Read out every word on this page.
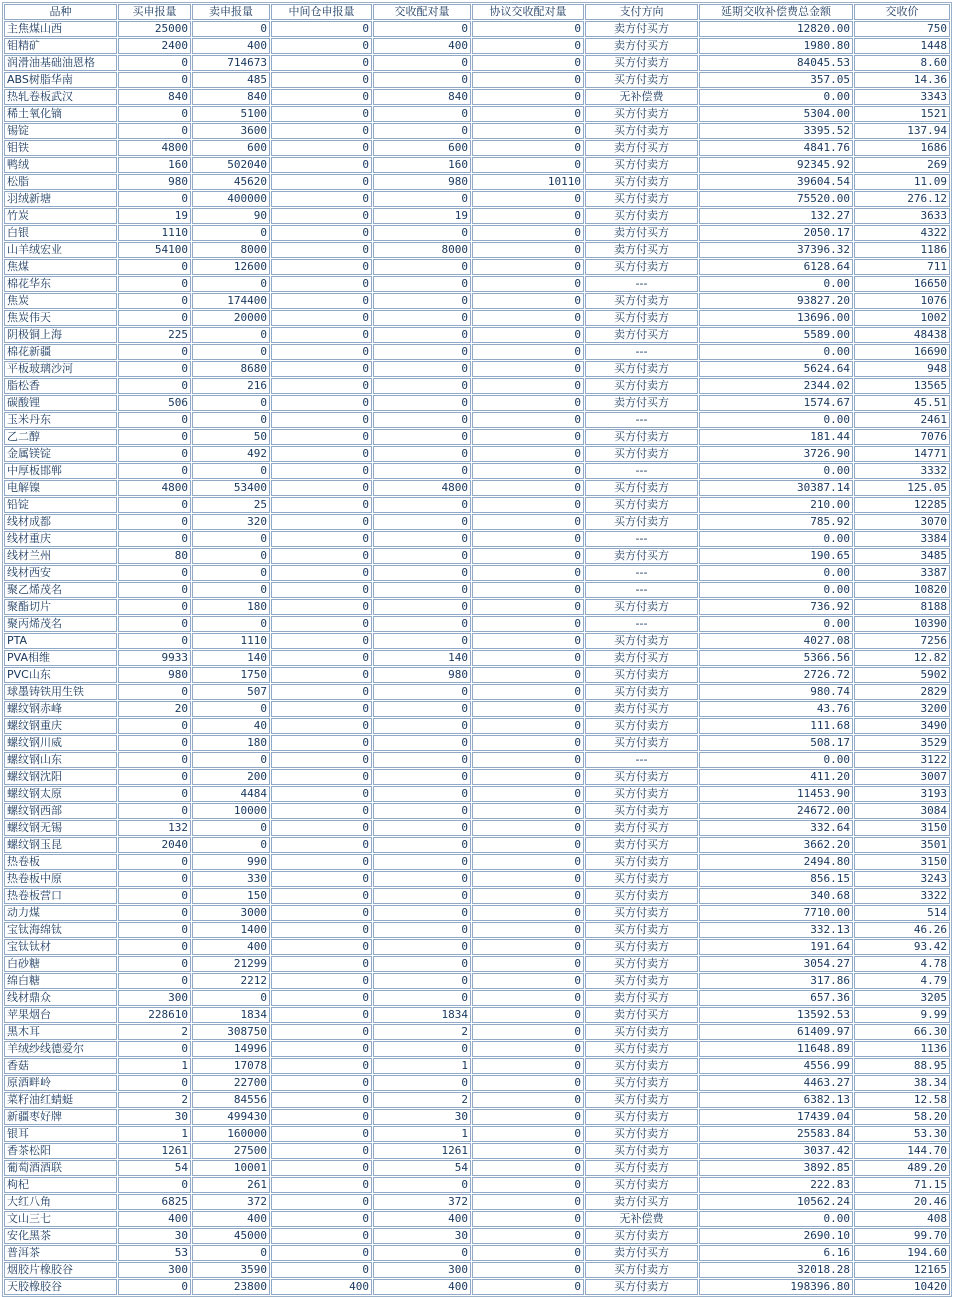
品种	买申报量	卖申报量	中间仓申报量	交收配对量	协议交收配对量	支付方向	延期交收补偿费总金额	交收价
主焦煤山西	25000	0	0	0	0	卖方付买方	12820.00	750
钼精矿	2400	400	0	400	0	卖方付买方	1980.80	1448
润滑油基础油恩格	0	714673	0	0	0	买方付卖方	84045.53	8.60
ABS树脂华南	0	485	0	0	0	买方付卖方	357.05	14.36
热轧卷板武汉	840	840	0	840	0	无补偿费	0.00	3343
稀土氧化镝	0	5100	0	0	0	买方付卖方	5304.00	1521
锡锭	0	3600	0	0	0	买方付卖方	3395.52	137.94
钼铁	4800	600	0	600	0	卖方付买方	4841.76	1686
鸭绒	160	502040	0	160	0	买方付卖方	92345.92	269
松脂	980	45620	0	980	10110	买方付卖方	39604.54	11.09
羽绒新塘	0	400000	0	0	0	买方付卖方	75520.00	276.12
竹炭	19	90	0	19	0	买方付卖方	132.27	3633
白银	1110	0	0	0	0	卖方付买方	2050.17	4322
山羊绒宏业	54100	8000	0	8000	0	卖方付买方	37396.32	1186
焦煤	0	12600	0	0	0	买方付卖方	6128.64	711
棉花华东	0	0	0	0	0	---	0.00	16650
焦炭	0	174400	0	0	0	买方付卖方	93827.20	1076
焦炭伟天	0	20000	0	0	0	买方付卖方	13696.00	1002
阴极铜上海	225	0	0	0	0	卖方付买方	5589.00	48438
棉花新疆	0	0	0	0	0	---	0.00	16690
平板玻璃沙河	0	8680	0	0	0	买方付卖方	5624.64	948
脂松香	0	216	0	0	0	买方付卖方	2344.02	13565
碳酸锂	506	0	0	0	0	卖方付买方	1574.67	45.51
玉米丹东	0	0	0	0	0	---	0.00	2461
乙二醇	0	50	0	0	0	买方付卖方	181.44	7076
金属镁锭	0	492	0	0	0	买方付卖方	3726.90	14771
中厚板邯郸	0	0	0	0	0	---	0.00	3332
电解镍	4800	53400	0	4800	0	买方付卖方	30387.14	125.05
铅锭	0	25	0	0	0	买方付卖方	210.00	12285
线材成都	0	320	0	0	0	买方付卖方	785.92	3070
线材重庆	0	0	0	0	0	---	0.00	3384
线材兰州	80	0	0	0	0	卖方付买方	190.65	3485
线材西安	0	0	0	0	0	---	0.00	3387
聚乙烯茂名	0	0	0	0	0	---	0.00	10820
聚酯切片	0	180	0	0	0	买方付卖方	736.92	8188
聚丙烯茂名	0	0	0	0	0	---	0.00	10390
PTA	0	1110	0	0	0	买方付卖方	4027.08	7256
PVA相维	9933	140	0	140	0	卖方付买方	5366.56	12.82
PVC山东	980	1750	0	980	0	买方付卖方	2726.72	5902
球墨铸铁用生铁	0	507	0	0	0	买方付卖方	980.74	2829
螺纹钢赤峰	20	0	0	0	0	卖方付买方	43.76	3200
螺纹钢重庆	0	40	0	0	0	买方付卖方	111.68	3490
螺纹钢川威	0	180	0	0	0	买方付卖方	508.17	3529
螺纹钢山东	0	0	0	0	0	---	0.00	3122
螺纹钢沈阳	0	200	0	0	0	买方付卖方	411.20	3007
螺纹钢太原	0	4484	0	0	0	买方付卖方	11453.90	3193
螺纹钢西部	0	10000	0	0	0	买方付卖方	24672.00	3084
螺纹钢无锡	132	0	0	0	0	卖方付买方	332.64	3150
螺纹钢玉昆	2040	0	0	0	0	卖方付买方	3662.20	3501
热卷板	0	990	0	0	0	买方付卖方	2494.80	3150
热卷板中原	0	330	0	0	0	买方付卖方	856.15	3243
热卷板营口	0	150	0	0	0	买方付卖方	340.68	3322
动力煤	0	3000	0	0	0	买方付卖方	7710.00	514
宝钛海绵钛	0	1400	0	0	0	买方付卖方	332.13	46.26
宝钛钛材	0	400	0	0	0	买方付卖方	191.64	93.42
白砂糖	0	21299	0	0	0	买方付卖方	3054.27	4.78
绵白糖	0	2212	0	0	0	买方付卖方	317.86	4.79
线材鼎众	300	0	0	0	0	卖方付买方	657.36	3205
苹果烟台	228610	1834	0	1834	0	卖方付买方	13592.53	9.99
黑木耳	2	308750	0	2	0	买方付卖方	61409.97	66.30
羊绒纱线德爱尔	0	14996	0	0	0	买方付卖方	11648.89	1136
香菇	1	17078	0	1	0	买方付卖方	4556.99	88.95
原酒畔岭	0	22700	0	0	0	买方付卖方	4463.27	38.34
菜籽油红蜻蜓	2	84556	0	2	0	买方付卖方	6382.13	12.58
新疆枣好牌	30	499430	0	30	0	买方付卖方	17439.04	58.20
银耳	1	160000	0	1	0	买方付卖方	25583.84	53.30
香茶松阳	1261	27500	0	1261	0	买方付卖方	3037.42	144.70
葡萄酒酒联	54	10001	0	54	0	买方付卖方	3892.85	489.20
枸杞	0	261	0	0	0	买方付卖方	222.83	71.15
大红八角	6825	372	0	372	0	卖方付买方	10562.24	20.46
文山三七	400	400	0	400	0	无补偿费	0.00	408
安化黑茶	30	45000	0	30	0	买方付卖方	2690.10	99.70
普洱茶	53	0	0	0	0	卖方付买方	6.16	194.60
烟胶片橡胶谷	300	3590	0	300	0	买方付卖方	32018.28	12165
天胶橡胶谷	0	23800	400	400	0	买方付卖方	198396.80	10420
